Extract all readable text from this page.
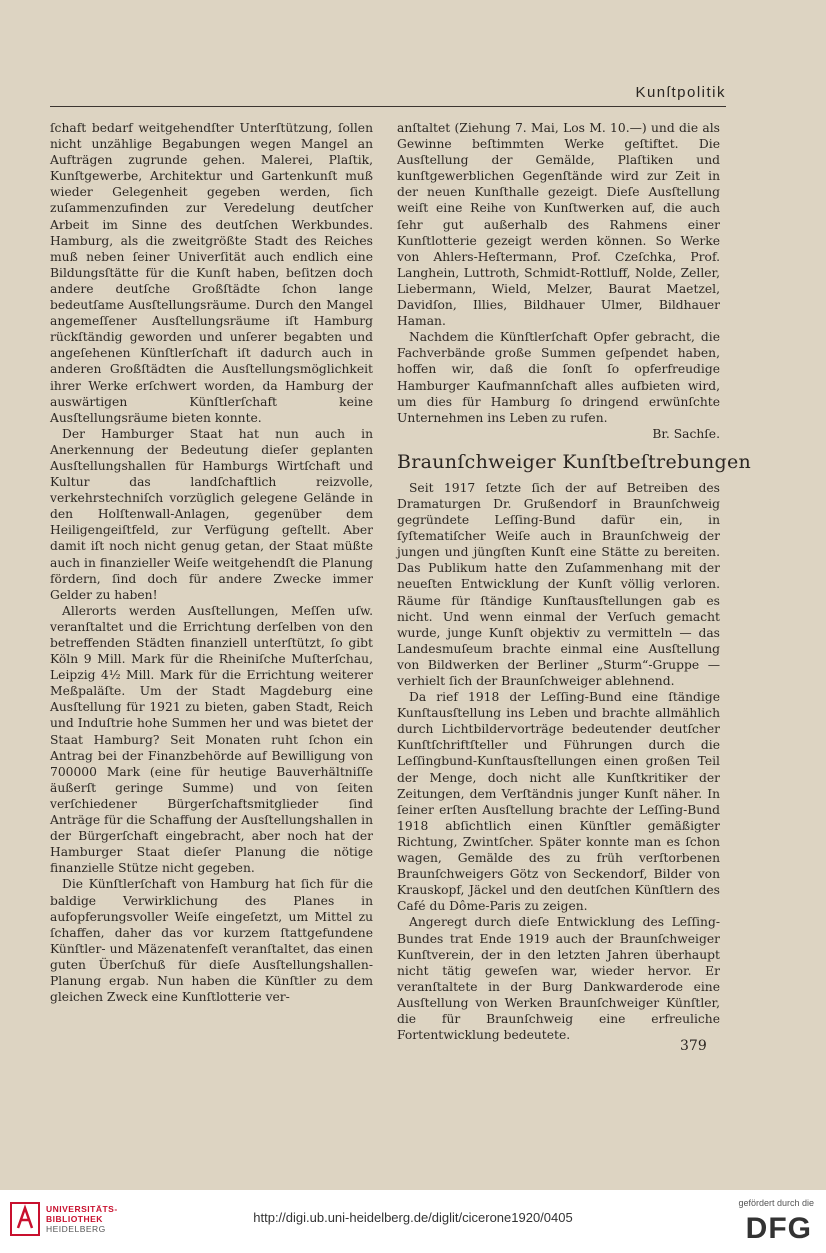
Kunſtpolitik

ſchaft bedarf weitgehendſter Unterſtützung, ſollen nicht unzählige Begabungen wegen Mangel an Aufträgen zugrunde gehen. Malerei, Plaſtik, Kunſtgewerbe, Architektur und Gartenkunſt muß wieder Gelegenheit gegeben werden, ſich zuſammenzufinden zur Veredelung deutſcher Arbeit im Sinne des deutſchen Werkbundes. Hamburg, als die zweitgrößte Stadt des Reiches muß neben ſeiner Univerſität auch endlich eine Bildungsſtätte für die Kunſt haben, beſitzen doch andere deutſche Großſtädte ſchon lange bedeutſame Ausſtellungsräume. Durch den Mangel angemeſſener Ausſtellungsräume iſt Hamburg rückſtändig geworden und unſerer begabten und angeſehenen Künſtlerſchaft iſt dadurch auch in anderen Großſtädten die Ausſtellungsmöglichkeit ihrer Werke erſchwert worden, da Hamburg der auswärtigen Künſtlerſchaft keine Ausſtellungsräume bieten konnte.

Der Hamburger Staat hat nun auch in Anerkennung der Bedeutung dieſer geplanten Ausſtellungshallen für Hamburgs Wirtſchaft und Kultur das landſchaftlich reizvolle, verkehrstechniſch vorzüglich gelegene Gelände in den Holſtenwall-Anlagen, gegenüber dem Heiligengeiſtfeld, zur Verfügung geſtellt. Aber damit iſt noch nicht genug getan, der Staat müßte auch in finanzieller Weiſe weitgehendſt die Planung fördern, ſind doch für andere Zwecke immer Gelder zu haben!

Allerorts werden Ausſtellungen, Meſſen uſw. veranſtaltet und die Errichtung derſelben von den betreffenden Städten finanziell unterſtützt, ſo gibt Köln 9 Mill. Mark für die Rheiniſche Muſterſchau, Leipzig 4½ Mill. Mark für die Errichtung weiterer Meßpaläſte. Um der Stadt Magdeburg eine Ausſtellung für 1921 zu bieten, gaben Stadt, Reich und Induſtrie hohe Summen her und was bietet der Staat Hamburg? Seit Monaten ruht ſchon ein Antrag bei der Finanzbehörde auf Bewilligung von 700000 Mark (eine für heutige Bauverhältniſſe äußerſt geringe Summe) und von ſeiten verſchiedener Bürgerſchaftsmitglieder ſind Anträge für die Schaffung der Ausſtellungshallen in der Bürgerſchaft eingebracht, aber noch hat der Hamburger Staat dieſer Planung die nötige finanzielle Stütze nicht gegeben.

Die Künſtlerſchaft von Hamburg hat ſich für die baldige Verwirklichung des Planes in aufopferungsvoller Weiſe eingeſetzt, um Mittel zu ſchaffen, daher das vor kurzem ſtattgefundene Künſtler- und Mäzenatenfeſt veranſtaltet, das einen guten Überſchuß für dieſe Ausſtellungshallen-Planung ergab. Nun haben die Künſtler zu dem gleichen Zweck eine Kunſtlotterie ver-

anſtaltet (Ziehung 7. Mai, Los M. 10.—) und die als Gewinne beſtimmten Werke geſtiftet. Die Ausſtellung der Gemälde, Plaſtiken und kunſtgewerblichen Gegenſtände wird zur Zeit in der neuen Kunſthalle gezeigt. Dieſe Ausſtellung weiſt eine Reihe von Kunſtwerken auf, die auch ſehr gut außerhalb des Rahmens einer Kunſtlotterie gezeigt werden können. So Werke von Ahlers-Heſtermann, Prof. Czeſchka, Prof. Langhein, Luttroth, Schmidt-Rottluff, Nolde, Zeller, Liebermann, Wield, Melzer, Baurat Maetzel, Davidſon, Illies, Bildhauer Ulmer, Bildhauer Haman.

Nachdem die Künſtlerſchaft Opfer gebracht, die Fachverbände große Summen geſpendet haben, hoffen wir, daß die ſonſt ſo opferfreudige Hamburger Kaufmannſchaft alles aufbieten wird, um dies für Hamburg ſo dringend erwünſchte Unternehmen ins Leben zu rufen.

Br. Sachſe.
Braunſchweiger Kunſtbeſtrebungen

Seit 1917 ſetzte ſich der auf Betreiben des Dramaturgen Dr. Grußendorf in Braunſchweig gegründete Leſſing-Bund dafür ein, in ſyſtematiſcher Weiſe auch in Braunſchweig der jungen und jüngſten Kunſt eine Stätte zu bereiten. Das Publikum hatte den Zuſammenhang mit der neueſten Entwicklung der Kunſt völlig verloren. Räume für ſtändige Kunſtausſtellungen gab es nicht. Und wenn einmal der Verſuch gemacht wurde, junge Kunſt objektiv zu vermitteln — das Landesmuſeum brachte einmal eine Ausſtellung von Bildwerken der Berliner „Sturm“-Gruppe — verhielt ſich der Braunſchweiger ablehnend.

Da rief 1918 der Leſſing-Bund eine ſtändige Kunſtausſtellung ins Leben und brachte allmählich durch Lichtbildervorträge bedeutender deutſcher Kunſtſchriftſteller und Führungen durch die Leſſingbund-Kunſtausſtellungen einen großen Teil der Menge, doch nicht alle Kunſtkritiker der Zeitungen, dem Verſtändnis junger Kunſt näher. In ſeiner erſten Ausſtellung brachte der Leſſing-Bund 1918 abſichtlich einen Künſtler gemäßigter Richtung, Zwintſcher. Später konnte man es ſchon wagen, Gemälde des zu früh verſtorbenen Braunſchweigers Götz von Seckendorf, Bilder von Krauskopf, Jäckel und den deutſchen Künſtlern des Café du Dôme-Paris zu zeigen.

Angeregt durch dieſe Entwicklung des Leſſing-Bundes trat Ende 1919 auch der Braunſchweiger Kunſtverein, der in den letzten Jahren überhaupt nicht tätig geweſen war, wieder hervor. Er veranſtaltete in der Burg Dankwarderode eine Ausſtellung von Werken Braunſchweiger Künſtler, die für Braunſchweig eine erfreuliche Fortentwicklung bedeutete.

379
UNIVERSITÄTS-
BIBLIOTHEK
HEIDELBERG
http://digi.ub.uni-heidelberg.de/diglit/cicerone1920/0405
gefördert durch die
DFG
